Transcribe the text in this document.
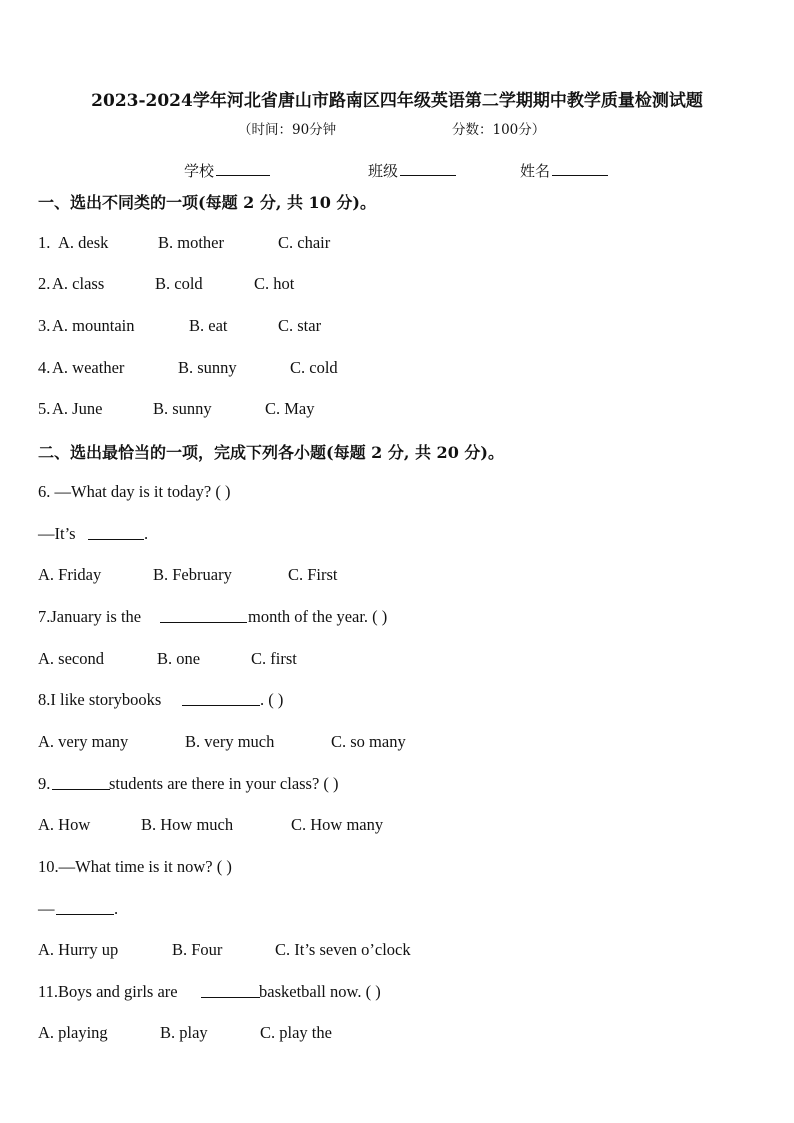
2023-2024学年河北省唐山市路南区四年级英语第二学期期中教学质量检测试题
（时间：90分钟	分数：100分）
学校	班级	姓名
一、选出不同类的一项(每题 2 分, 共 10 分)。
1. A. desk	B. mother	C. chair
2. A. class	B. cold	C. hot
3. A. mountain	B. eat	C. star
4. A. weather	B. sunny	C. cold
5. A. June	B. sunny	C. May
二、选出最恰当的一项，完成下列各小题(每题 2 分, 共 20 分)。
6. —What day is it today? ( )
—It’s	.
A. Friday	B. February	C. First
7.January is the	month of the year. ( )
A. second	B. one	C. first
8.I like storybooks	. ( )
A. very many	B. very much	C. so many
9.	students are there in your class? ( )
A. How	B. How much	C. How many
10.—What time is it now? ( )
—	.
A. Hurry up	B. Four	C. It’s seven o’clock
11.Boys and girls are	basketball now. ( )
A. playing	B. play	C. play the
